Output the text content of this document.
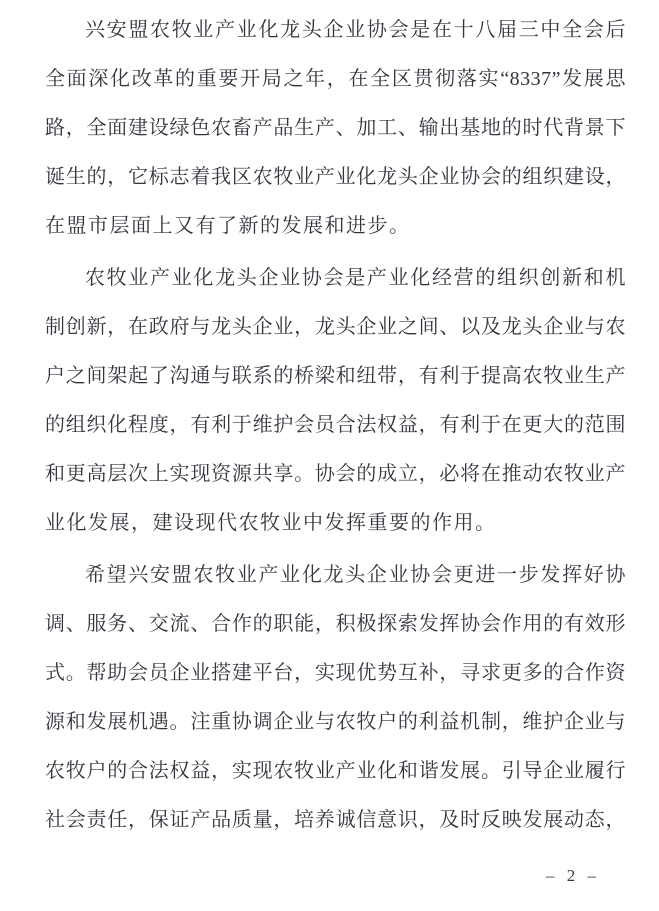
兴安盟农牧业产业化龙头企业协会是在十八届三中全会后
全面深化改革的重要开局之年，在全区贯彻落实“8337”发展思
路，全面建设绿色农畜产品生产、加工、输出基地的时代背景下
诞生的，它标志着我区农牧业产业化龙头企业协会的组织建设，
在盟市层面上又有了新的发展和进步。
农牧业产业化龙头企业协会是产业化经营的组织创新和机
制创新，在政府与龙头企业，龙头企业之间、以及龙头企业与农
户之间架起了沟通与联系的桥梁和纽带，有利于提高农牧业生产
的组织化程度，有利于维护会员合法权益，有利于在更大的范围
和更高层次上实现资源共享。协会的成立，必将在推动农牧业产
业化发展，建设现代农牧业中发挥重要的作用。
希望兴安盟农牧业产业化龙头企业协会更进一步发挥好协
调、服务、交流、合作的职能，积极探索发挥协会作用的有效形
式。帮助会员企业搭建平台，实现优势互补，寻求更多的合作资
源和发展机遇。注重协调企业与农牧户的利益机制，维护企业与
农牧户的合法权益，实现农牧业产业化和谐发展。引导企业履行
社会责任，保证产品质量，培养诚信意识，及时反映发展动态，
– 2 –
